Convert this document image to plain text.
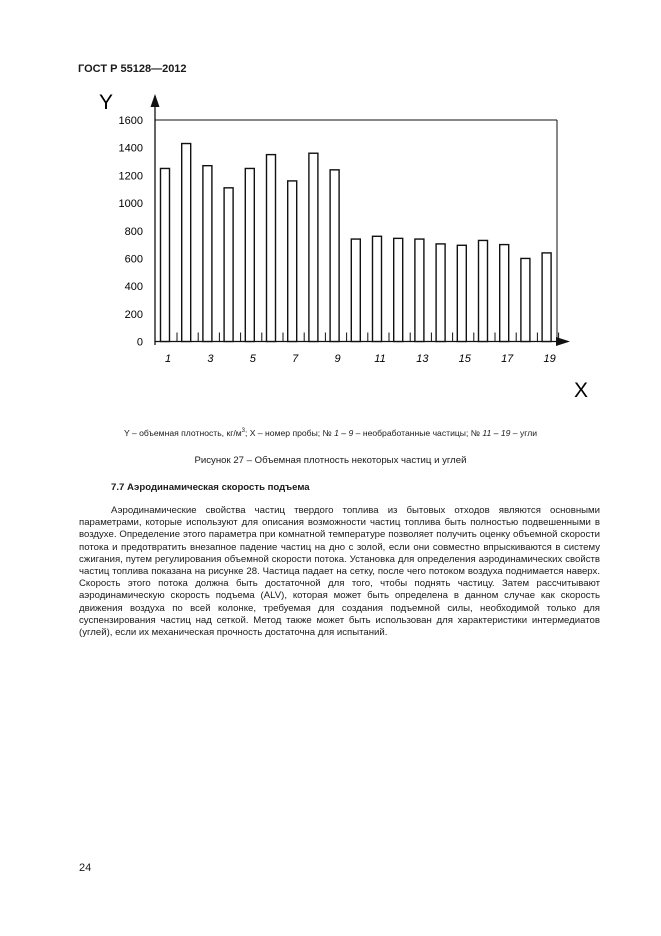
ГОСТ Р 55128—2012
Y
X
0
200
400
600
800
1000
1200
1400
1600
1	3	5	7	9	11	13	15	17	19
Y – объемная плотность, $кг/м^3$; X – номер пробы; № 1 – 9 – необработанные частицы; № 11 – 19 – угли
Рисунок 27 – Объемная плотность некоторых частиц и углей
7.7 Аэродинамическая скорость подъема
Аэродинамические свойства частиц твердого топлива из бытовых отходов являются основными параметрами, которые используют для описания возможности частиц топлива быть полностью подвешенными в воздухе. Определение этого параметра при комнатной температуре позволяет получить оценку объемной скорости потока и предотвратить внезапное падение частиц на дно с золой, если они совместно впрыскиваются в систему сжигания, путем регулирования объемной скорости потока. Установка для определения аэродинамических свойств частиц топлива показана на рисунке 28. Частица падает на сетку, после чего потоком воздуха поднимается наверх. Скорость этого потока должна быть достаточной для того, чтобы поднять частицу. Затем рассчитывают аэродинамическую скорость подъема (ALV), которая может быть определена в данном случае как скорость движения воздуха по всей колонке, требуемая для создания подъемной силы, необходимой только для суспензирования частиц над сеткой. Метод также может быть использован для характеристики интермедиатов (углей), если их механическая прочность достаточна для испытаний.
24
